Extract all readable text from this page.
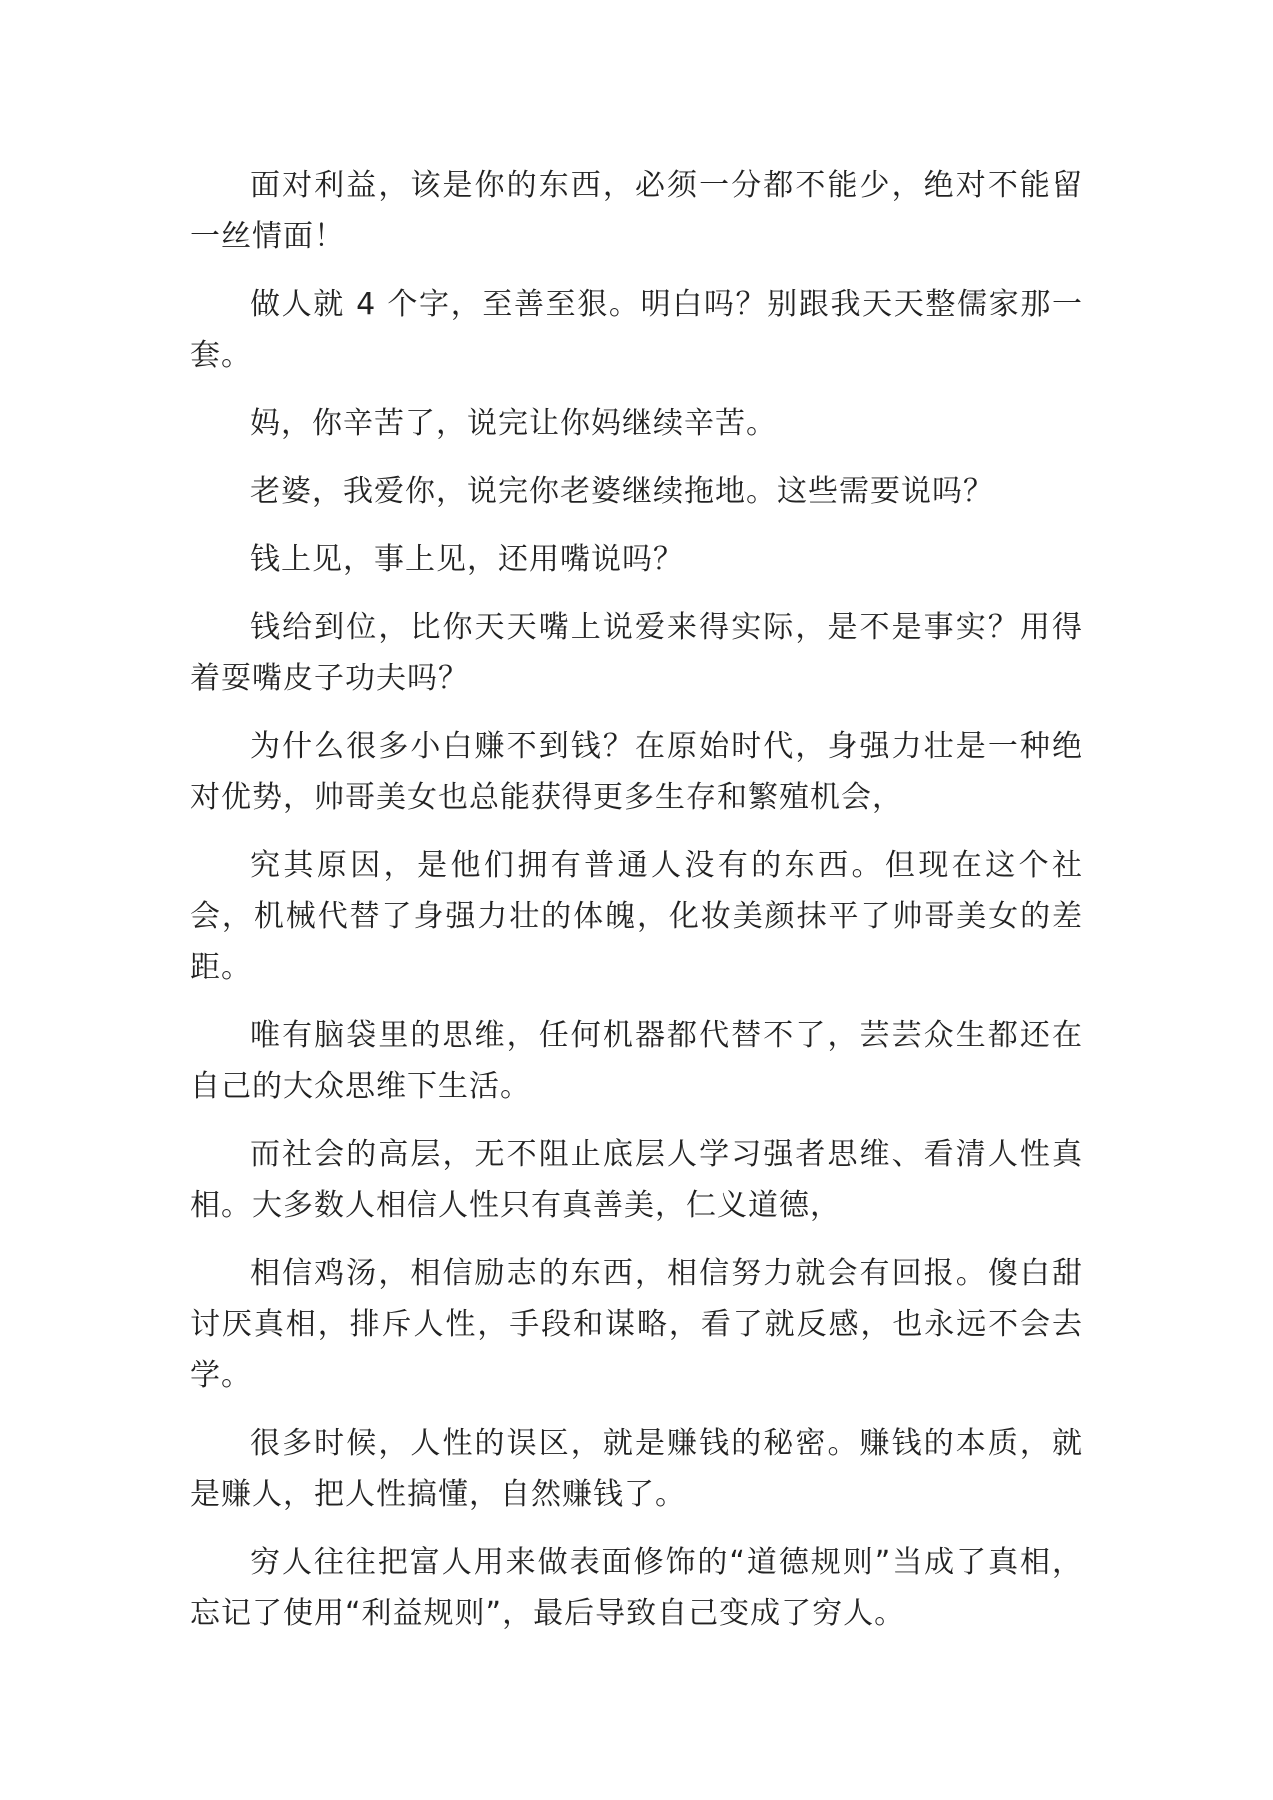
面对利益，该是你的东西，必须一分都不能少，绝对不能留一丝情面！

做人就 4 个字，至善至狠。明白吗？别跟我天天整儒家那一套。

妈，你辛苦了，说完让你妈继续辛苦。

老婆，我爱你，说完你老婆继续拖地。这些需要说吗？

钱上见，事上见，还用嘴说吗？

钱给到位，比你天天嘴上说爱来得实际，是不是事实？用得着耍嘴皮子功夫吗？

为什么很多小白赚不到钱？在原始时代，身强力壮是一种绝对优势，帅哥美女也总能获得更多生存和繁殖机会，

究其原因，是他们拥有普通人没有的东西。但现在这个社会，机械代替了身强力壮的体魄，化妆美颜抹平了帅哥美女的差距。

唯有脑袋里的思维，任何机器都代替不了，芸芸众生都还在自己的大众思维下生活。

而社会的高层，无不阻止底层人学习强者思维、看清人性真相。大多数人相信人性只有真善美，仁义道德，

相信鸡汤，相信励志的东西，相信努力就会有回报。傻白甜讨厌真相，排斥人性，手段和谋略，看了就反感，也永远不会去学。

很多时候，人性的误区，就是赚钱的秘密。赚钱的本质，就是赚人，把人性搞懂，自然赚钱了。

穷人往往把富人用来做表面修饰的“道德规则”当成了真相，忘记了使用“利益规则”，最后导致自己变成了穷人。
